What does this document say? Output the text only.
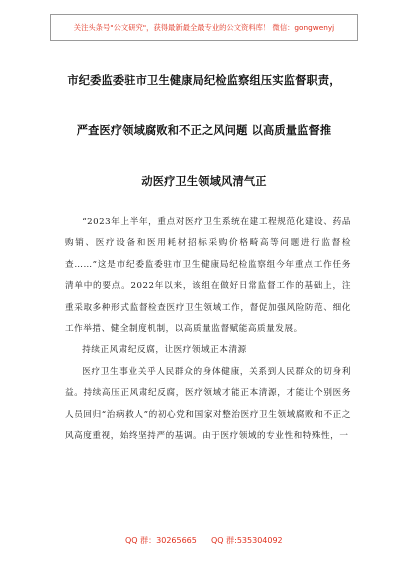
关注头条号"公文研究"，获得最新最全最专业的公文资料库！ 微信：gongwenyj
市纪委监委驻市卫生健康局纪检监察组压实监督职责，
严查医疗领域腐败和不正之风问题 以高质量监督推
动医疗卫生领域风清气正

“2023年上半年，重点对医疗卫生系统在建工程规范化建设、药品购销、医疗设备和医用耗材招标采购价格畸高等问题进行监督检查……”这是市纪委监委驻市卫生健康局纪检监察组今年重点工作任务清单中的要点。2022年以来，该组在做好日常监督工作的基础上，注重采取多种形式监督检查医疗卫生领域工作，督促加强风险防范、细化工作举措、健全制度机制，以高质量监督赋能高质量发展。

持续正风肃纪反腐，让医疗领域正本清源

医疗卫生事业关乎人民群众的身体健康，关系到人民群众的切身利益。持续高压正风肃纪反腐，医疗领域才能正本清源，才能让个别医务人员回归“治病救人”的初心党和国家对整治医疗卫生领域腐败和不正之风高度重视，始终坚持严的基调。由于医疗领域的专业性和特殊性，一

QQ 群：30265665 QQ 群:535304092
